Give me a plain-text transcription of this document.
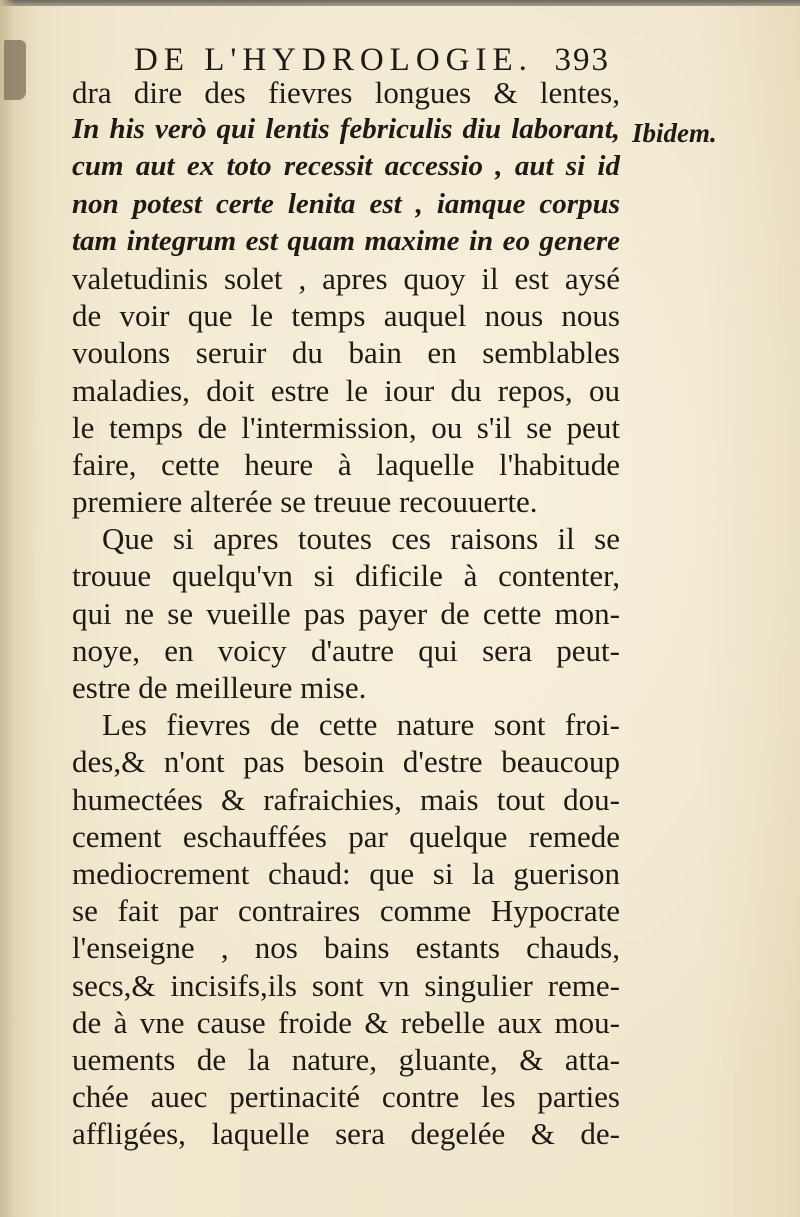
DE L'HYDROLOGIE. 393
Ibidem.
dra dire des fievres longues & lentes,
In his verò qui lentis febriculis diu laborant,
cum aut ex toto recessit accessio , aut si id
non potest certe lenita est , iamque corpus
tam integrum est quam maxime in eo genere
valetudinis solet , apres quoy il est aysé
de voir que le temps auquel nous nous
voulons seruir du bain en semblables
maladies, doit estre le iour du repos, ou
le temps de l'intermission, ou s'il se peut
faire, cette heure à laquelle l'habitude
premiere alterée se treuue recouuerte.
Que si apres toutes ces raisons il se
trouue quelqu'vn si dificile à contenter,
qui ne se vueille pas payer de cette mon-
noye, en voicy d'autre qui sera peut-
estre de meilleure mise.
Les fievres de cette nature sont froi-
des,& n'ont pas besoin d'estre beaucoup
humectées & rafraichies, mais tout dou-
cement eschauffées par quelque remede
mediocrement chaud: que si la guerison
se fait par contraires comme Hypocrate
l'enseigne , nos bains estants chauds,
secs,& incisifs,ils sont vn singulier reme-
de à vne cause froide & rebelle aux mou-
uements de la nature, gluante, & atta-
chée auec pertinacité contre les parties
affligées, laquelle sera degelée & de-
